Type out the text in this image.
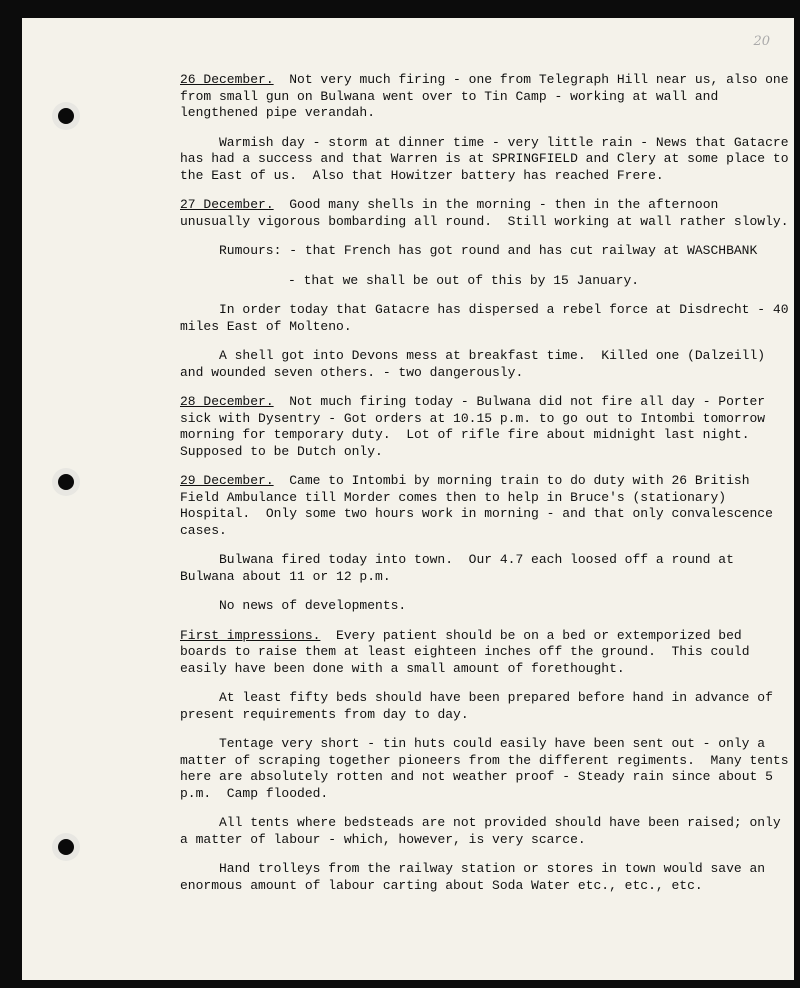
20

26 December.  Not very much firing - one from Telegraph Hill near us, also one from small gun on Bulwana went over to Tin Camp - working at wall and lengthened pipe verandah.

Warmish day - storm at dinner time - very little rain - News that Gatacre has had a success and that Warren is at SPRINGFIELD and Clery at some place to the East of us.  Also that Howitzer battery has reached Frere.

27 December.  Good many shells in the morning - then in the afternoon unusually vigorous bombarding all round.  Still working at wall rather slowly.

Rumours: - that French has got round and has cut railway at WASCHBANK

- that we shall be out of this by 15 January.

In order today that Gatacre has dispersed a rebel force at Disdrecht - 40 miles East of Molteno.

A shell got into Devons mess at breakfast time.  Killed one (Dalzeill) and wounded seven others. - two dangerously.

28 December.  Not much firing today - Bulwana did not fire all day - Porter sick with Dysentry - Got orders at 10.15 p.m. to go out to Intombi tomorrow morning for temporary duty.  Lot of rifle fire about midnight last night. Supposed to be Dutch only.

29 December.  Came to Intombi by morning train to do duty with 26 British Field Ambulance till Morder comes then to help in Bruce's (stationary) Hospital.  Only some two hours work in morning - and that only convalescence cases.

Bulwana fired today into town.  Our 4.7 each loosed off a round at Bulwana about 11 or 12 p.m.

No news of developments.

First impressions.  Every patient should be on a bed or extemporized bed boards to raise them at least eighteen inches off the ground.  This could easily have been done with a small amount of forethought.

At least fifty beds should have been prepared before hand in advance of present requirements from day to day.

Tentage very short - tin huts could easily have been sent out - only a matter of scraping together pioneers from the different regiments.  Many tents here are absolutely rotten and not weather proof - Steady rain since about 5 p.m.  Camp flooded.

All tents where bedsteads are not provided should have been raised; only a matter of labour - which, however, is very scarce.

Hand trolleys from the railway station or stores in town would save an enormous amount of labour carting about Soda Water etc., etc., etc.
